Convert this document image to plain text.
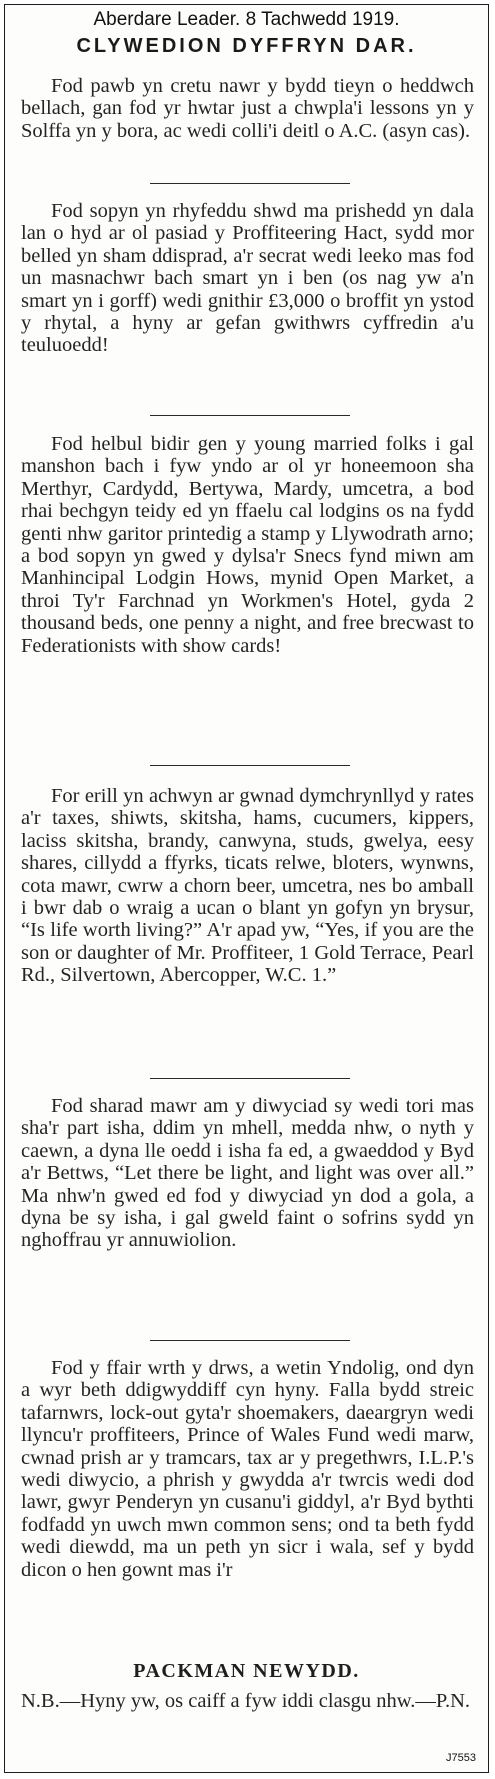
Aberdare Leader. 8 Tachwedd 1919.
CLYWEDION DYFFRYN DAR.

Fod pawb yn cretu nawr y bydd tieyn o heddwch bellach, gan fod yr hwtar just a chwpla'i lessons yn y Solffa yn y bora, ac wedi colli'i deitl o A.C. (asyn cas).

Fod sopyn yn rhyfeddu shwd ma prishedd yn dala lan o hyd ar ol pasiad y Proffiteering Hact, sydd mor belled yn sham ddisprad, a'r secrat wedi leeko mas fod un masnachwr bach smart yn i ben (os nag yw a'n smart yn i gorff) wedi gnithir £3,000 o broffit yn ystod y rhytal, a hyny ar gefan gwithwrs cyffredin a'u teuluoedd!

Fod helbul bidir gen y young married folks i gal manshon bach i fyw yndo ar ol yr honeemoon sha Merthyr, Cardydd, Bertywa, Mardy, umcetra, a bod rhai bechgyn teidy ed yn ffaelu cal lodgins os na fydd genti nhw garitor printedig a stamp y Llywodrath arno; a bod sopyn yn gwed y dylsa'r Snecs fynd miwn am Manhincipal Lodgin Hows, mynid Open Market, a throi Ty'r Farchnad yn Workmen's Hotel, gyda 2 thousand beds, one penny a night, and free brecwast to Federationists with show cards!

For erill yn achwyn ar gwnad dymchrynllyd y rates a'r taxes, shiwts, skitsha, hams, cucumers, kippers, laciss skitsha, brandy, canwyna, studs, gwelya, eesy shares, cillydd a ffyrks, ticats relwe, bloters, wynwns, cota mawr, cwrw a chorn beer, umcetra, nes bo amball i bwr dab o wraig a ucan o blant yn gofyn yn brysur, “Is life worth living?” A'r apad yw, “Yes, if you are the son or daughter of Mr. Proffiteer, 1 Gold Terrace, Pearl Rd., Silvertown, Abercopper, W.C. 1.”

Fod sharad mawr am y diwyciad sy wedi tori mas sha'r part isha, ddim yn mhell, medda nhw, o nyth y caewn, a dyna lle oedd i isha fa ed, a gwaeddod y Byd a'r Bettws, “Let there be light, and light was over all.” Ma nhw'n gwed ed fod y diwyciad yn dod a gola, a dyna be sy isha, i gal gweld faint o sofrins sydd yn nghoffrau yr annuwiolion.

Fod y ffair wrth y drws, a wetin Yndolig, ond dyn a wyr beth ddigwyddiff cyn hyny. Falla bydd streic tafarnwrs, lock-out gyta'r shoemakers, daeargryn wedi llyncu'r proffiteers, Prince of Wales Fund wedi marw, cwnad prish ar y tramcars, tax ar y pregethwrs, I.L.P.'s wedi diwycio, a phrish y gwydda a'r twrcis wedi dod lawr, gwyr Penderyn yn cusanu'i giddyl, a'r Byd bythti fodfadd yn uwch mwn common sens; ond ta beth fydd wedi diewdd, ma un peth yn sicr i wala, sef y bydd dicon o hen gownt mas i'r

PACKMAN NEWYDD.

N.B.—Hyny yw, os caiff a fyw iddi clasgu nhw.—P.N.

J7553
